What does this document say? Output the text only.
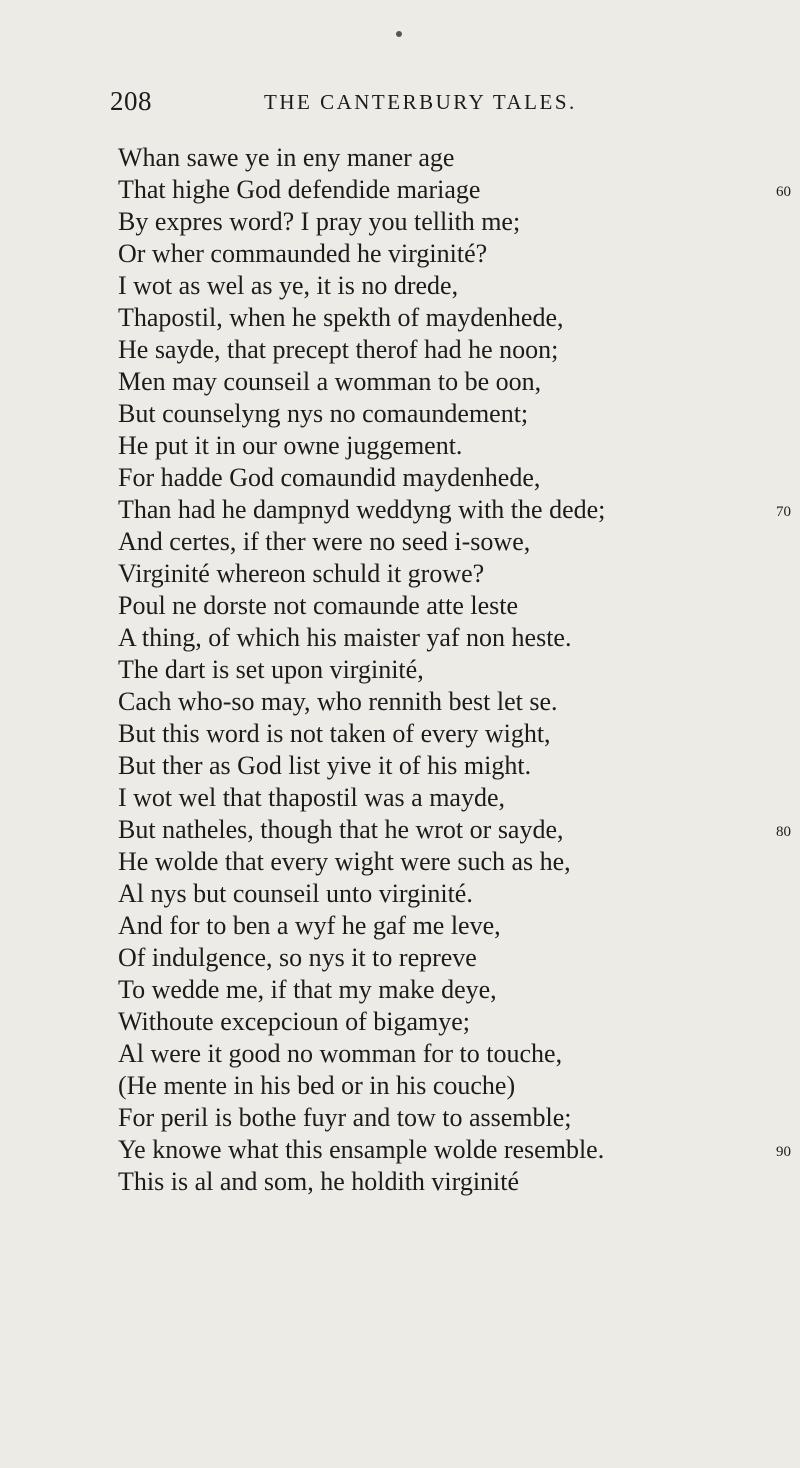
208	THE CANTERBURY TALES.
Whan sawe ye in eny maner age
That highe God defendide mariage
By expres word? I pray you tellith me;
Or wher commaunded he virginité?
I wot as wel as ye, it is no drede,
Thapostil, when he spekth of maydenhede,
He sayde, that precept therof had he noon;
Men may counseil a womman to be oon,
But counselyng nys no comaundement;
He put it in our owne juggement.
For hadde God comaundid maydenhede,
Than had he dampnyd weddyng with the dede;
And certes, if ther were no seed i-sowe,
Virginité whereon schuld it growe?
Poul ne dorste not comaunde atte leste
A thing, of which his maister yaf non heste.
The dart is set upon virginité,
Cach who-so may, who rennith best let se.
But this word is not taken of every wight,
But ther as God list yive it of his might.
I wot wel that thapostil was a mayde,
But natheles, though that he wrot or sayde,
He wolde that every wight were such as he,
Al nys but counseil unto virginité.
And for to ben a wyf he gaf me leve,
Of indulgence, so nys it to repreve
To wedde me, if that my make deye,
Withoute excepcioun of bigamye;
Al were it good no womman for to touche,
(He mente in his bed or in his couche)
For peril is bothe fuyr and tow to assemble;
Ye knowe what this ensample wolde resemble.
This is al and som, he holdith virginité
60
70
80
90
